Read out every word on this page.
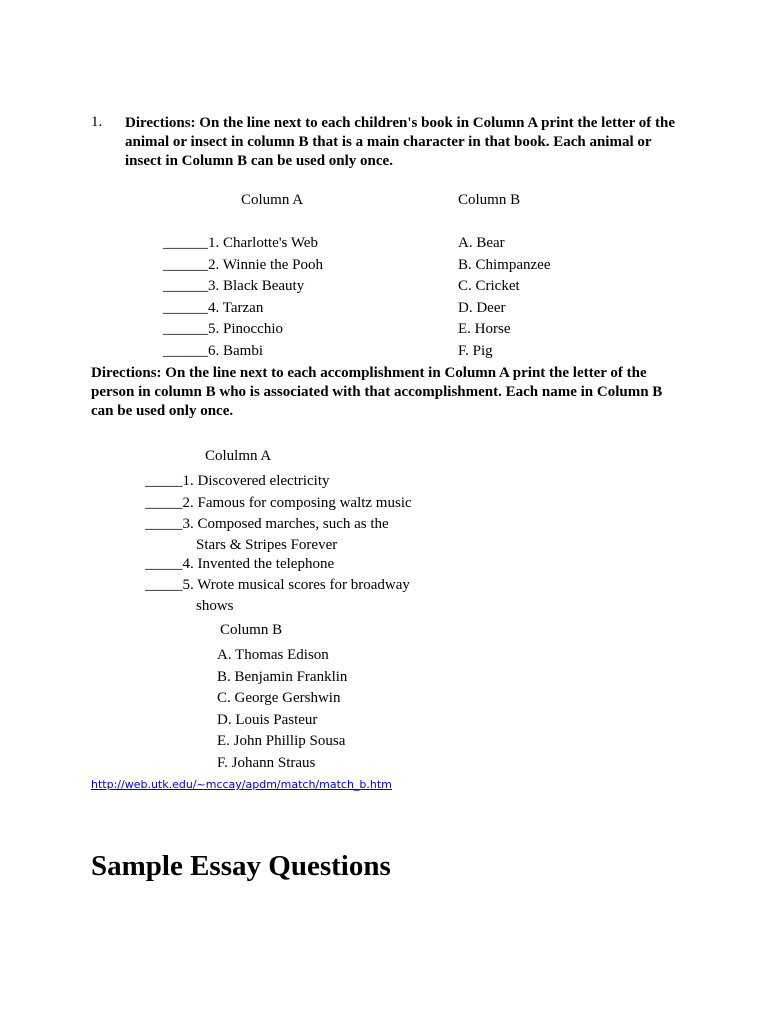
1. Directions: On the line next to each children's book in Column A print the letter of the animal or insect in column B that is a main character in that book. Each animal or insect in Column B can be used only once.
Column A	Column B
______1. Charlotte's Web
______2. Winnie the Pooh
______3. Black Beauty
______4. Tarzan
______5. Pinocchio
______6. Bambi
A. Bear
B. Chimpanzee
C. Cricket
D. Deer
E. Horse
F. Pig
Directions: On the line next to each accomplishment in Column A print the letter of the person in column B who is associated with that accomplishment. Each name in Column B can be used only once.
Colulmn A
_____1. Discovered electricity
_____2. Famous for composing waltz music
_____3. Composed marches, such as the
Stars & Stripes Forever
_____4. Invented the telephone
_____5. Wrote musical scores for broadway
shows
Column B
A. Thomas Edison
B. Benjamin Franklin
C. George Gershwin
D. Louis Pasteur
E. John Phillip Sousa
F. Johann Straus
http://web.utk.edu/~mccay/apdm/match/match_b.htm
Sample Essay Questions
